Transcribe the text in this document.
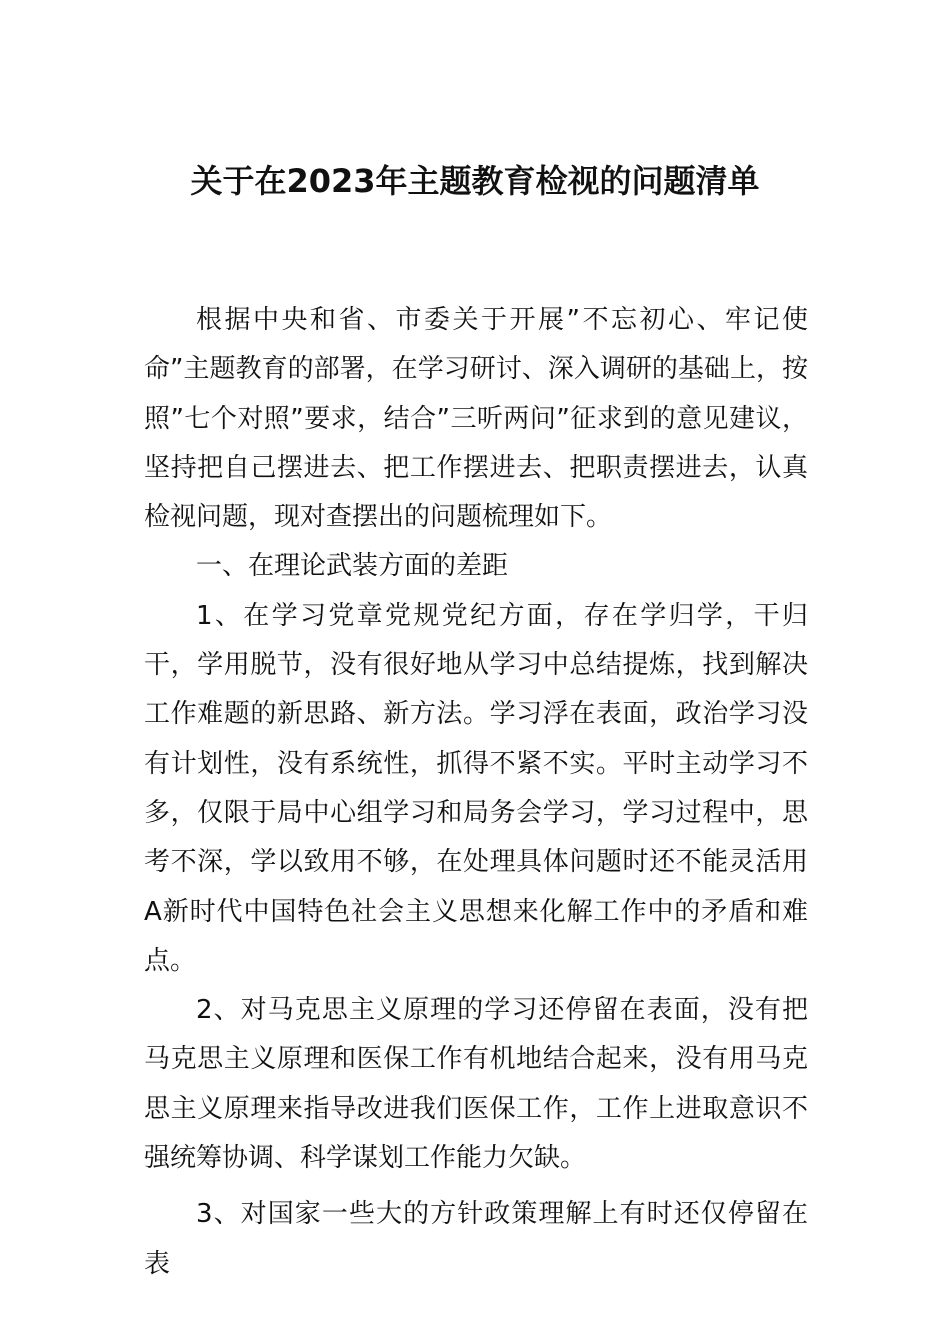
关于在2023年主题教育检视的问题清单

根据中央和省、市委关于开展”不忘初心、牢记使命”主题教育的部署，在学习研讨、深入调研的基础上，按照”七个对照”要求，结合”三听两问”征求到的意见建议，坚持把自己摆进去、把工作摆进去、把职责摆进去，认真检视问题，现对查摆出的问题梳理如下。

一、在理论武装方面的差距

1、在学习党章党规党纪方面，存在学归学，干归干，学用脱节，没有很好地从学习中总结提炼，找到解决工作难题的新思路、新方法。学习浮在表面，政治学习没有计划性，没有系统性，抓得不紧不实。平时主动学习不多，仅限于局中心组学习和局务会学习，学习过程中，思考不深，学以致用不够，在处理具体问题时还不能灵活用A新时代中国特色社会主义思想来化解工作中的矛盾和难点。

2、对马克思主义原理的学习还停留在表面，没有把马克思主义原理和医保工作有机地结合起来，没有用马克思主义原理来指导改进我们医保工作，工作上进取意识不强统筹协调、科学谋划工作能力欠缺。

3、对国家一些大的方针政策理解上有时还仅停留在表
